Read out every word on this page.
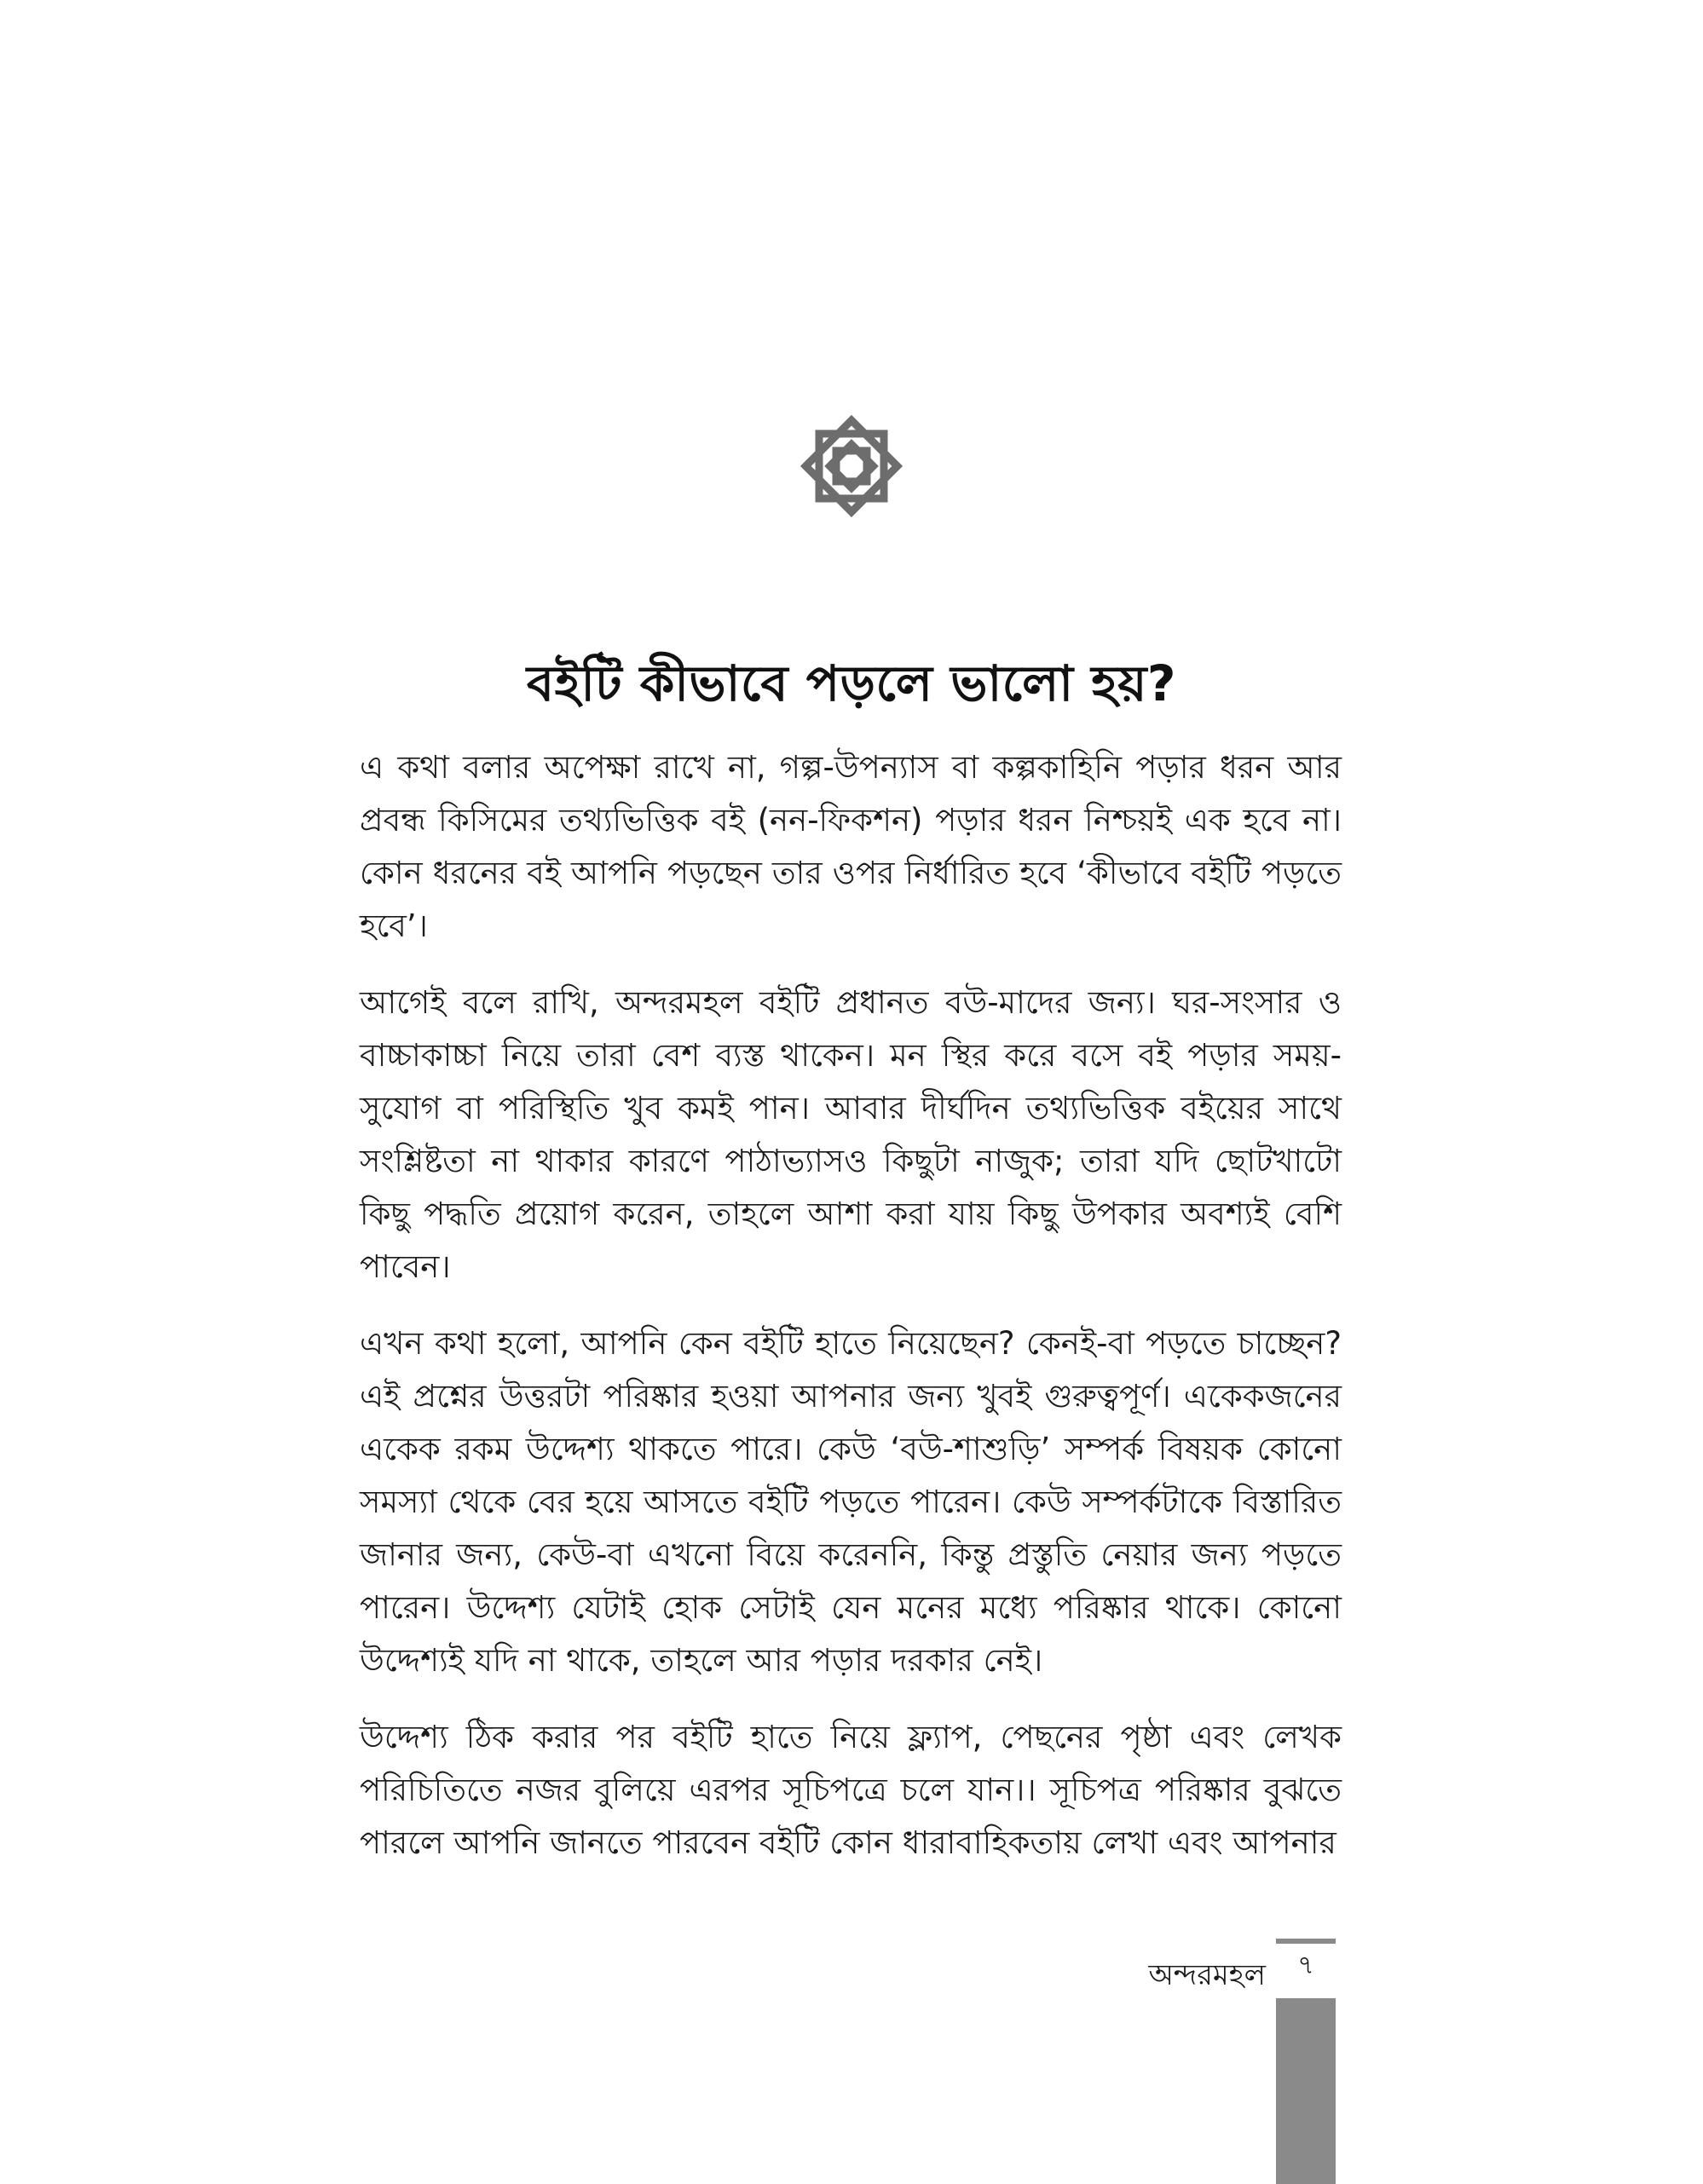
বইটি কীভাবে পড়লে ভালো হয়?

এ কথা বলার অপেক্ষা রাখে না, গল্প-উপন্যাস বা কল্পকাহিনি পড়ার ধরন আর প্রবন্ধ কিসিমের তথ্যভিত্তিক বই (নন-ফিকশন) পড়ার ধরন নিশ্চয়ই এক হবে না। কোন ধরনের বই আপনি পড়ছেন তার ওপর নির্ধারিত হবে ‘কীভাবে বইটি পড়তে হবে’।

আগেই বলে রাখি, অন্দরমহল বইটি প্রধানত বউ-মাদের জন্য। ঘর-সংসার ও বাচ্চাকাচ্চা নিয়ে তারা বেশ ব্যস্ত থাকেন। মন স্থির করে বসে বই পড়ার সময়-সুযোগ বা পরিস্থিতি খুব কমই পান। আবার দীর্ঘদিন তথ্যভিত্তিক বইয়ের সাথে সংশ্লিষ্টতা না থাকার কারণে পাঠাভ্যাসও কিছুটা নাজুক; তারা যদি ছোটখাটো কিছু পদ্ধতি প্রয়োগ করেন, তাহলে আশা করা যায় কিছু উপকার অবশ্যই বেশি পাবেন।

এখন কথা হলো, আপনি কেন বইটি হাতে নিয়েছেন? কেনই-বা পড়তে চাচ্ছেন? এই প্রশ্নের উত্তরটা পরিষ্কার হওয়া আপনার জন্য খুবই গুরুত্বপূর্ণ। একেকজনের একেক রকম উদ্দেশ্য থাকতে পারে। কেউ ‘বউ-শাশুড়ি’ সম্পর্ক বিষয়ক কোনো সমস্যা থেকে বের হয়ে আসতে বইটি পড়তে পারেন। কেউ সম্পর্কটাকে বিস্তারিত জানার জন্য, কেউ-বা এখনো বিয়ে করেননি, কিন্তু প্রস্তুতি নেয়ার জন্য পড়তে পারেন। উদ্দেশ্য যেটাই হোক সেটাই যেন মনের মধ্যে পরিষ্কার থাকে। কোনো উদ্দেশ্যই যদি না থাকে, তাহলে আর পড়ার দরকার নেই।

উদ্দেশ্য ঠিক করার পর বইটি হাতে নিয়ে ফ্ল্যাপ, পেছনের পৃষ্ঠা এবং লেখক পরিচিতিতে নজর বুলিয়ে এরপর সূচিপত্রে চলে যান।। সূচিপত্র পরিষ্কার বুঝতে পারলে আপনি জানতে পারবেন বইটি কোন ধারাবাহিকতায় লেখা এবং আপনার

অন্দরমহল	৭
